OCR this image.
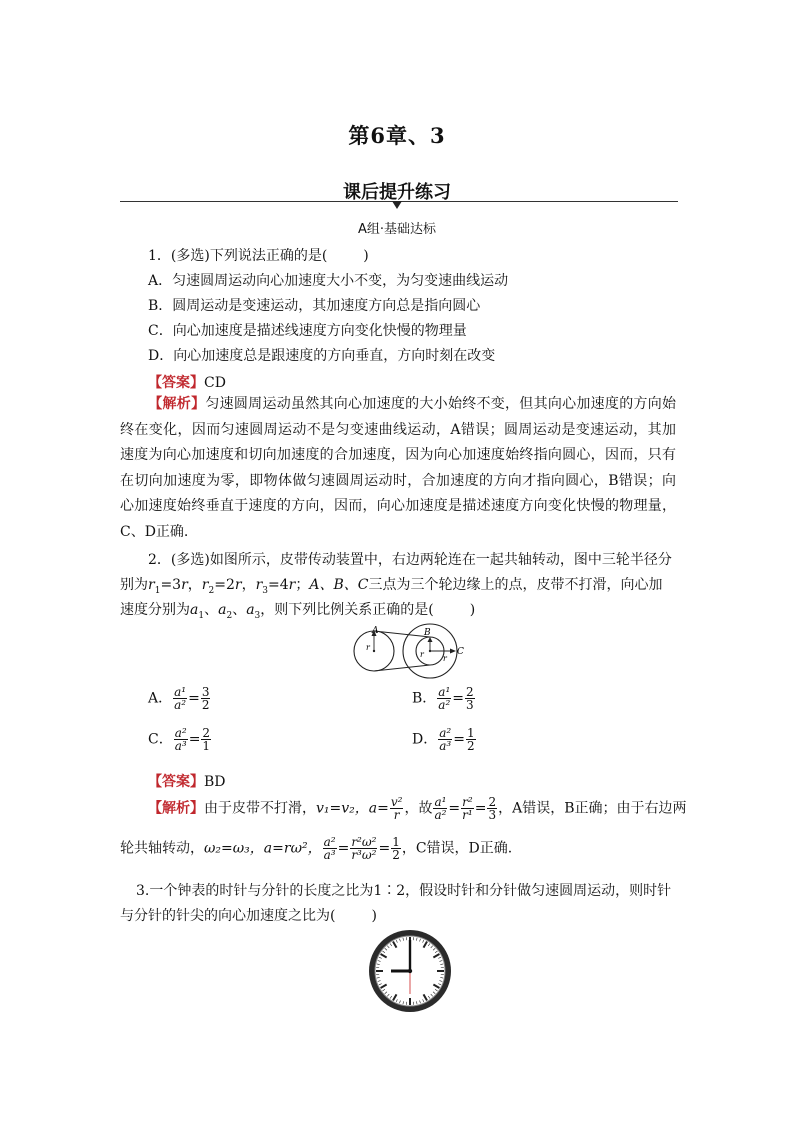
第6章、3
课后提升练习
A组·基础达标
1．(多选)下列说法正确的是(	)
A．匀速圆周运动向心加速度大小不变，为匀变速曲线运动
B．圆周运动是变速运动，其加速度方向总是指向圆心
C．向心加速度是描述线速度方向变化快慢的物理量
D．向心加速度总是跟速度的方向垂直，方向时刻在改变
【答案】CD
【解析】匀速圆周运动虽然其向心加速度的大小始终不变，但其向心加速度的方向始终在变化，因而匀速圆周运动不是匀变速曲线运动，A错误；圆周运动是变速运动，其加速度为向心加速度和切向加速度的合加速度，因为向心加速度始终指向圆心，因而，只有在切向加速度为零，即物体做匀速圆周运动时，合加速度的方向才指向圆心，B错误；向心加速度始终垂直于速度的方向，因而，向心加速度是描述速度方向变化快慢的物理量，C、D正确.
2．(多选)如图所示，皮带传动装置中，右边两轮连在一起共轴转动，图中三轮半径分
别为$r_1=3r$，$r_2=2r$，$r_3=4r$；A、B、C三点为三个轮边缘上的点，皮带不打滑，向心加
速度分别为$a_1$、$a_2$、$a_3$，则下列比例关系正确的是(	)
A	B
C
r
r r
A． $\frac{\text{a¹}}{\text{a²}} = \frac{3}{2}$	B． $\frac{\text{a¹}}{\text{a²}} = \frac{2}{3}$
C． $\frac{\text{a²}}{\text{a³}} = \frac{2}{1}$	D． $\frac{\text{a²}}{\text{a³}} = \frac{1}{2}$
【答案】BD
【解析】由于皮带不打滑，v₁=v₂，$a= \frac{\text{v²}}{r}$ ，故 $\frac{\text{a¹}}{\text{a²}} = \frac{\text{r²}}{\text{r¹}} = \frac{2}{3}$ ，A错误，B正确；由于右边两
轮共轴转动，ω₂=ω₃，a=rω²， $\frac{\text{a²}}{\text{a³}} = \frac{\text{r²ω²}}{\text{r³ω²}} = \frac{1}{2}$ ，C错误，D正确.
3.一个钟表的时针与分针的长度之比为1∶2，假设时针和分针做匀速圆周运动，则时针
与分针的针尖的向心加速度之比为(	)
